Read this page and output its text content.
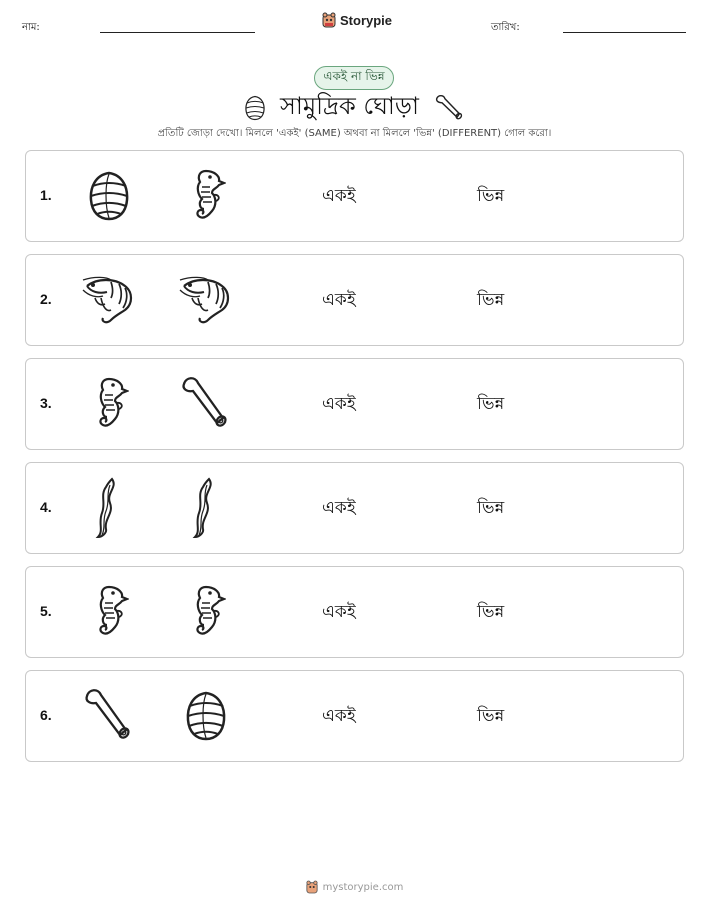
নাম:	Storypie	তারিখ:
একই না ভিন্ন
সামুদ্রিক ঘোড়া
প্রতিটি জোড়া দেখো। মিললে 'একই' (SAME) অথবা না মিললে 'ভিন্ন' (DIFFERENT) গোল করো।
1.	একই	ভিন্ন
2.	একই	ভিন্ন
3.	একই	ভিন্ন
4.	একই	ভিন্ন
5.	একই	ভিন্ন
6.	একই	ভিন্ন
mystorypie.com
